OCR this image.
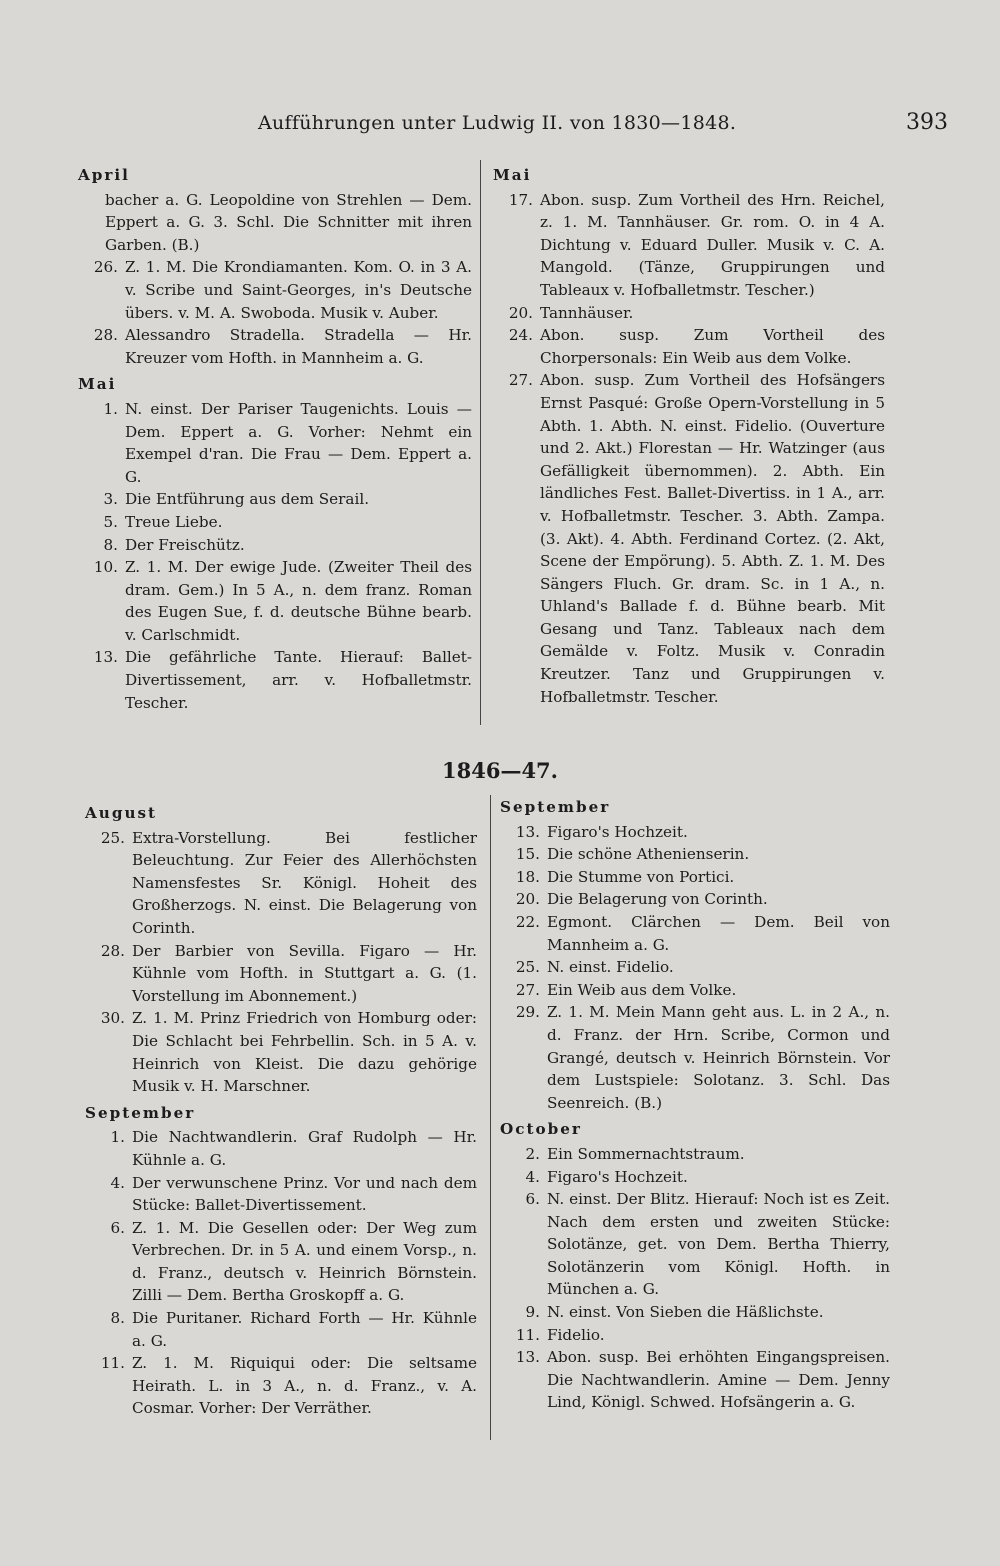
Aufführungen unter Ludwig II. von 1830—1848.	393
April
bacher a. G. Leopoldine von Strehlen — Dem. Eppert a. G. 3. Schl. Die Schnitter mit ihren Garben. (B.)
26. Z. 1. M. Die Krondiamanten. Kom. O. in 3 A. v. Scribe und Saint-Georges, in's Deutsche übers. v. M. A. Swoboda. Musik v. Auber.
28. Alessandro Stradella. Stradella — Hr. Kreuzer vom Hofth. in Mannheim a. G.
Mai
1. N. einst. Der Pariser Taugenichts. Louis — Dem. Eppert a. G. Vorher: Nehmt ein Exempel d'ran. Die Frau — Dem. Eppert a. G.
3. Die Entführung aus dem Serail.
5. Treue Liebe.
8. Der Freischütz.
10. Z. 1. M. Der ewige Jude. (Zweiter Theil des dram. Gem.) In 5 A., n. dem franz. Roman des Eugen Sue, f. d. deutsche Bühne bearb. v. Carlschmidt.
13. Die gefährliche Tante. Hierauf: Ballet-Divertissement, arr. v. Hofballetmstr. Tescher.
Mai
17. Abon. susp. Zum Vortheil des Hrn. Reichel, z. 1. M. Tannhäuser. Gr. rom. O. in 4 A. Dichtung v. Eduard Duller. Musik v. C. A. Mangold. (Tänze, Gruppirungen und Tableaux v. Hofballetmstr. Tescher.)
20. Tannhäuser.
24. Abon. susp. Zum Vortheil des Chorpersonals: Ein Weib aus dem Volke.
27. Abon. susp. Zum Vortheil des Hofsängers Ernst Pasqué: Große Opern-Vorstellung in 5 Abth. 1. Abth. N. einst. Fidelio. (Ouverture und 2. Akt.) Florestan — Hr. Watzinger (aus Gefälligkeit übernommen). 2. Abth. Ein ländliches Fest. Ballet-Divertiss. in 1 A., arr. v. Hofballetmstr. Tescher. 3. Abth. Zampa. (3. Akt). 4. Abth. Ferdinand Cortez. (2. Akt, Scene der Empörung). 5. Abth. Z. 1. M. Des Sängers Fluch. Gr. dram. Sc. in 1 A., n. Uhland's Ballade f. d. Bühne bearb. Mit Gesang und Tanz. Tableaux nach dem Gemälde v. Foltz. Musik v. Conradin Kreutzer. Tanz und Gruppirungen v. Hofballetmstr. Tescher.
1846—47.
August
25. Extra-Vorstellung. Bei festlicher Beleuchtung. Zur Feier des Allerhöchsten Namensfestes Sr. Königl. Hoheit des Großherzogs. N. einst. Die Belagerung von Corinth.
28. Der Barbier von Sevilla. Figaro — Hr. Kühnle vom Hofth. in Stuttgart a. G. (1. Vorstellung im Abonnement.)
30. Z. 1. M. Prinz Friedrich von Homburg oder: Die Schlacht bei Fehrbellin. Sch. in 5 A. v. Heinrich von Kleist. Die dazu gehörige Musik v. H. Marschner.
September
1. Die Nachtwandlerin. Graf Rudolph — Hr. Kühnle a. G.
4. Der verwunschene Prinz. Vor und nach dem Stücke: Ballet-Divertissement.
6. Z. 1. M. Die Gesellen oder: Der Weg zum Verbrechen. Dr. in 5 A. und einem Vorsp., n. d. Franz., deutsch v. Heinrich Börnstein. Zilli — Dem. Bertha Groskopff a. G.
8. Die Puritaner. Richard Forth — Hr. Kühnle a. G.
11. Z. 1. M. Riquiqui oder: Die seltsame Heirath. L. in 3 A., n. d. Franz., v. A. Cosmar. Vorher: Der Verräther.
September
13. Figaro's Hochzeit.
15. Die schöne Athenienserin.
18. Die Stumme von Portici.
20. Die Belagerung von Corinth.
22. Egmont. Clärchen — Dem. Beil von Mannheim a. G.
25. N. einst. Fidelio.
27. Ein Weib aus dem Volke.
29. Z. 1. M. Mein Mann geht aus. L. in 2 A., n. d. Franz. der Hrn. Scribe, Cormon und Grangé, deutsch v. Heinrich Börnstein. Vor dem Lustspiele: Solotanz. 3. Schl. Das Seenreich. (B.)
October
2. Ein Sommernachtstraum.
4. Figaro's Hochzeit.
6. N. einst. Der Blitz. Hierauf: Noch ist es Zeit. Nach dem ersten und zweiten Stücke: Solotänze, get. von Dem. Bertha Thierry, Solotänzerin vom Königl. Hofth. in München a. G.
9. N. einst. Von Sieben die Häßlichste.
11. Fidelio.
13. Abon. susp. Bei erhöhten Eingangspreisen. Die Nachtwandlerin. Amine — Dem. Jenny Lind, Königl. Schwed. Hofsängerin a. G.
